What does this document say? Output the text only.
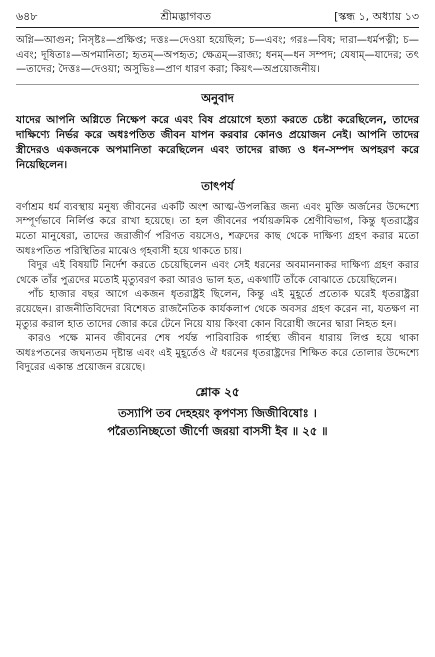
৬৪৮	শ্রীমদ্ভাগবত	[স্কন্ধ ১, অধ্যায় ১৩

অগ্নি—আগুন; নিসৃষ্টঃ—প্রক্ষিপ্ত; দত্তঃ—দেওয়া হয়েছিল; চ—এবং; গরঃ—বিষ; দারা—ধর্মপত্নী; চ—এবং; দূষিতাঃ—অপমানিতা; হৃতম্—অপহৃত; ক্ষেত্রম্—রাজ্য; ধনম্—ধন সম্পদ; যেষাম্—যাদের; তৎ—তাদের; দৈত্তঃ—দেওয়া; অসুভিঃ—প্রাণ ধারণ করা; কিয়ৎ—অপ্রয়োজনীয়।

অনুবাদ

যাদের আপনি অগ্নিতে নিক্ষেপ করে এবং বিষ প্রয়োগে হত্যা করতে চেষ্টা করেছিলেন, তাদের দাক্ষিণ্যে নির্ভর করে অধঃপতিত জীবন যাপন করবার কোনও প্রয়োজন নেই। আপনি তাদের স্ত্রীদেরও একজনকে অপমানিতা করেছিলেন এবং তাদের রাজ্য ও ধন-সম্পদ অপহরণ করে নিয়েছিলেন।

তাৎপর্য

বর্ণাশ্রম ধর্ম ব্যবস্থায় মনুষ্য জীবনের একটি অংশ আত্ম-উপলব্ধির জন্য এবং মুক্তি অর্জনের উদ্দেশ্যে সম্পূর্ণভাবে নির্লিপ্ত করে রাখা হয়েছে। তা হল জীবনের পর্যায়ক্রমিক শ্রেণীবিভাগ, কিন্তু ধৃতরাষ্ট্রের মতো মানুষেরা, তাদের জরাজীর্ণ পরিণত বয়সেও, শত্রুদের কাছ থেকে দাক্ষিণ্য গ্রহণ করার মতো অধঃপতিত পরিস্থিতির মাঝেও গৃহবাসী হয়ে থাকতে চায়।

বিদুর এই বিষয়টি নির্দেশ করতে চেয়েছিলেন এবং সেই ধরনের অবমাননাকর দাক্ষিণ্য গ্রহণ করার থেকে তাঁর পুত্রদের মতোই মৃত্যুবরণ করা আরও ভাল হত, একথাটি তাঁকে বোঝাতে চেয়েছিলেন।

পাঁচ হাজার বছর আগে একজন ধৃতরাষ্ট্রই ছিলেন, কিন্তু এই মুহূর্তে প্রত্যেক ঘরেই ধৃতরাষ্ট্ররা রয়েছেন। রাজনীতিবিদেরা বিশেষত রাজনৈতিক কার্যকলাপ থেকে অবসর গ্রহণ করেন না, যতক্ষণ না মৃত্যুর করাল হাত তাদের জোর করে টেনে নিয়ে যায় কিংবা কোন বিরোধী জনের দ্বারা নিহত হন।

কারও পক্ষে মানব জীবনের শেষ পর্যন্ত পারিবারিক গার্হস্থ্য জীবন ধারায় লিপ্ত হয়ে থাকা অধঃপতনের জঘন্যতম দৃষ্টান্ত এবং এই মুহূর্তেও ঐ ধরনের ধৃতরাষ্ট্রদের শিক্ষিত করে তোলার উদ্দেশ্যে বিদুরের একান্ত প্রয়োজন রয়েছে।

শ্লোক ২৫
তস্যাপি তব দেহহয়ং কৃপণস্য জিজীবিষোঃ ।
পরৈত্যনিচ্ছতো জীর্ণো জরয়া বাসসী ইব ॥ ২৫ ॥
